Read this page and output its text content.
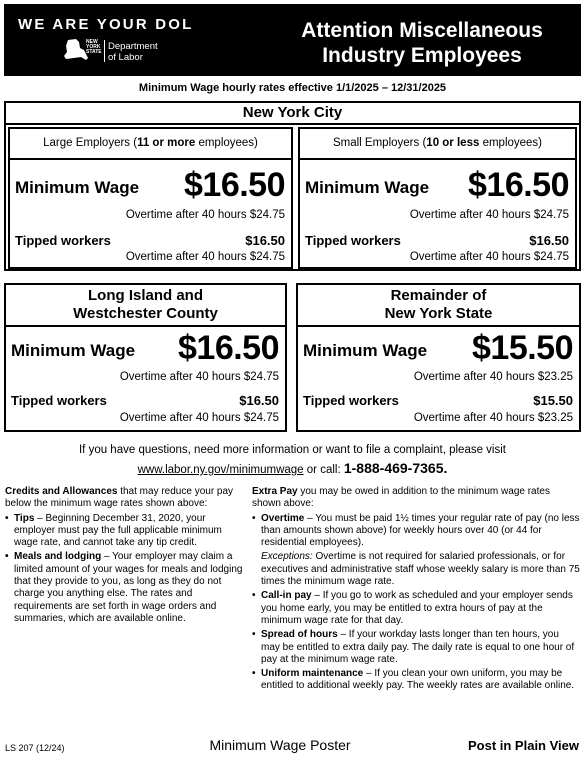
WE ARE YOUR DOL
NEW
YORK
STATE Department
of Labor
Attention Miscellaneous
Industry Employees
Minimum Wage hourly rates effective 1/1/2025 – 12/31/2025
New York City
Large Employers (11 or more employees)
Minimum Wage $16.50
Overtime after 40 hours $24.75
Tipped workers	$16.50
Overtime after 40 hours $24.75
Small Employers (10 or less employees)
Minimum Wage $16.50
Overtime after 40 hours $24.75
Tipped workers	$16.50
Overtime after 40 hours $24.75
Long Island and
Westchester County
Minimum Wage $16.50
Overtime after 40 hours $24.75
Tipped workers	$16.50
Overtime after 40 hours $24.75
Remainder of
New York State
Minimum Wage $15.50
Overtime after 40 hours $23.25
Tipped workers	$15.50
Overtime after 40 hours $23.25
If you have questions, need more information or want to file a complaint, please visit
www.labor.ny.gov/minimumwage or call: 1-888-469-7365.

Credits and Allowances that may reduce your pay below the minimum wage rates shown above:

• Tips – Beginning December 31, 2020, your employer must pay the full applicable minimum wage rate, and cannot take any tip credit.
• Meals and lodging – Your employer may claim a limited amount of your wages for meals and lodging that they provide to you, as long as they do not charge you anything else. The rates and requirements are set forth in wage orders and summaries, which are available online.

Extra Pay you may be owed in addition to the minimum wage rates shown above:

• Overtime – You must be paid 1½ times your regular rate of pay (no less than amounts shown above) for weekly hours over 40 (or 44 for residential employees).
Exceptions: Overtime is not required for salaried professionals, or for executives and administrative staff whose weekly salary is more than 75 times the minimum wage rate.
• Call-in pay – If you go to work as scheduled and your employer sends you home early, you may be entitled to extra hours of pay at the minimum wage rate for that day.
• Spread of hours – If your workday lasts longer than ten hours, you may be entitled to extra daily pay. The daily rate is equal to one hour of pay at the minimum wage rate.
• Uniform maintenance – If you clean your own uniform, you may be entitled to additional weekly pay. The weekly rates are available online.
LS 207 (12/24)	Minimum Wage Poster	Post in Plain View
